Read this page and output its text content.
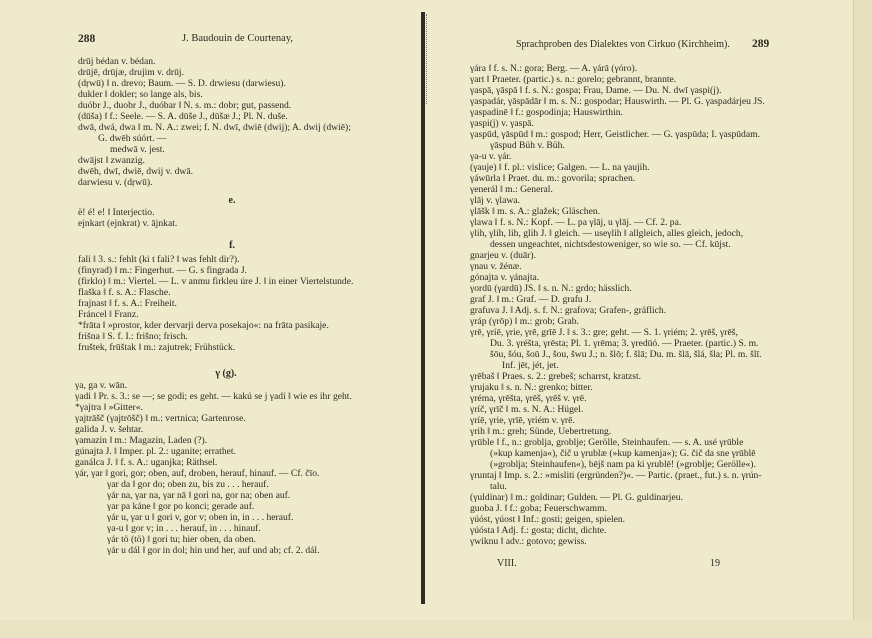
288	J. Baudouin de Courtenay,
e.
f.
γ (g).
drūj bédan v. bédan.
drūjē, drūjæ, drujim v. drūj.
(dṛwū) ‖ n. drevo; Baum. — S. D. drwiesu (darwiesu).
dukler ‖ dokler; so lange als, bis.
duóbr J., duobr J., duóbar ‖ N. s. m.: dobr; gut, passend.
(dūša) ‖ f.: Seele. — S. A. dūše J., dūšæ J.; Pl. N. duše.
dwā, dwá, dwa ‖ m. N. A.: zwei; f. N. dwī, dwiē (dwij); A. dwij (dwiē);
G. dwēh súórt. —
medwā v. jest.
dwājst ‖ zwanzig.
dwēh, dwī, dwiē, dwij v. dwā.
darwiesu v. (dṛwū).
ë! é! e! ‖ Interjectio.
ejnkart (ejnkrat) v. ājnkat.
fali ‖ 3. s.: fehlt (ki t fali? ‖ was fehlt dir?).
(finyrad) ‖ m.: Fingerhut. — G. s fingrada J.
(firklo) ‖ m.: Viertel. — L. v anmu firkleu úre J. ‖ in einer Viertelstunde.
flaška ‖ f. s. A.: Flasche.
frajnast ‖ f. s. A.: Freiheit.
Fráncel ‖ Franz.
*frāta ‖ »prostor, kder dervarji derva posekajo«: na frāta pasikaje.
frišna ‖ S. f. I.: frišno; frisch.
fruštek, frūštak ‖ m.: zajutrek; Frühstück.
γa, ga v. wān.
γadi ‖ Pr. s. 3.: se —; se godi; es geht. — kakú se j γadí ‖ wie es ihr geht.
*γajtra ‖ »Gitter«.
γajtrāšč (γajtrōšč) ‖ m.: vertnica; Gartenrose.
galida J. v. šehtar.
γamazin ‖ m.: Magazin, Laden (?).
gúnajta J. ‖ Imper. pl. 2.: uganite; errathet.
ganálca J. ‖ f. s. A.: uganjka; Räthsel.
γár, γar ‖ gori, gor; oben, auf, droben, herauf, hinauf. — Cf. čīo.
γar da ‖ gor do; oben zu, bis zu . . . herauf.
γár na, γar na, γar nā ‖ gori na, gor na; oben auf.
γar pa káne ‖ gor po konci; gerade auf.
γár u, γar u ‖ gori v, gor v; oben in, in . . . herauf.
γa-u ‖ gor v; in . . . herauf, in . . . hinauf.
γár tö (tö) ‖ gori tu; hier oben, da oben.
γár u dál ‖ gor in dol; hin und her, auf und ab; cf. 2. dál.
Sprachproben des Dialektes von Cirkuo (Kirchheim). 289
γára ‖ f. s. N.: gora; Berg. — A. γárā (γóro).
γart ‖ Praeter. (partic.) s. n.: gorelo; gebrannt, brannte.
γaspā, γāspā ‖ f. s. N.: gospa; Frau, Dame. — Du. N. dwī γaspi(j).
γaspadár, γāspādār ‖ m. s. N.: gospodar; Hauswirth. — Pl. G. γaspadárjeu JS.
γaspadinē ‖ f.: gospodinja; Hauswirthin.
γaspi(j) v. γaspā.
γaspūd, γāspūd ‖ m.: gospod; Herr, Geistlicher. — G. γaspūda; I. γaspūdam.
γāspud Büh v. Büh.
γa-u v. γár.
(γauje) ‖ f. pl.: vislice; Galgen. — L. na γaujih.
γáwūrla ‖ Praet. du. m.: govorila; sprachen.
γenerál ‖ m.: General.
γlāj v. γlawa.
γlāšk ‖ m. s. A.: glažek; Gläschen.
γlawa ‖ f. s. N.: Kopf. — L. pa γlāj, u γlāj. — Cf. 2. pa.
γlih, γlíh, lih, glih J. ‖ gleich. — useγlih ‖ allgleich, alles gleich, jedoch,
dessen ungeachtet, nichtsdestoweniger, so wie so. — Cf. kūjst.
gnarjeu v. (duār).
γnau v. žénæ.
gónajta v. γánajta.
γordū (γardū) JS. ‖ s. n. N.: grdo; hässlich.
graf J. ‖ m.: Graf. — D. grafu J.
grafuva J. ‖ Adj. s. f. N.: grafova; Grafen-, gräflich.
γráp (γrōp) ‖ m.: grob; Grab.
γrē, γríē, γrie, γrē, grīē J. ‖ s. 3.: gre; geht. — S. 1. γriém; 2. γrēš, γrēš,
Du. 3. γréšta, γrēsta; Pl. 1. γrēma; 3. γredūó. — Praeter. (partic.) S. m.
šōu, šóu, šoū J., šou, šwu J.; n. šlō; f. šlā; Du. m. šlā, šlá, šla; Pl. m. šlī.
Inf. jēt, jét, jet.
γrēbaš ‖ Praes. s. 2.: grebeš; scharrst, kratzst.
γrujaku ‖ s. n. N.: grenko; bitter.
γréma, γrēšta, γrēš, γrēš v. γrē.
γríč, γrīč ‖ m. s. N. A.: Hügel.
γríē, γrie, γrīē, γriém v. γrē.
γrih ‖ m.: greh; Sünde, Uebertretung.
γrūble ‖ f., n.: groblja, groblje; Gerölle, Steinhaufen. — s. A. usé γrūble
(»kup kamenja«), čič u γrublæ (»kup kamenja«); G. čič da sne γrūblē
(»groblja; Steinhaufen«), bējš nam pa ki γrublē! (»groblje; Gerölle«).
γruntaj ‖ Imp. s. 2.: »misliti (ergründen?)«. — Partic. (praet., fut.) s. n. γrún-
talu.
(γuldinar) ‖ m.: goldinar; Gulden. — Pl. G. guldinarjeu.
guoba J. ‖ f.: goba; Feuerschwamm.
γúóst, γúost ‖ Inf.: gosti; geigen, spielen.
γúósta ‖ Adj. f.: gosta; dicht, dichte.
γwiknu ‖ adv.: gotovo; gewiss.
VIII.	19
